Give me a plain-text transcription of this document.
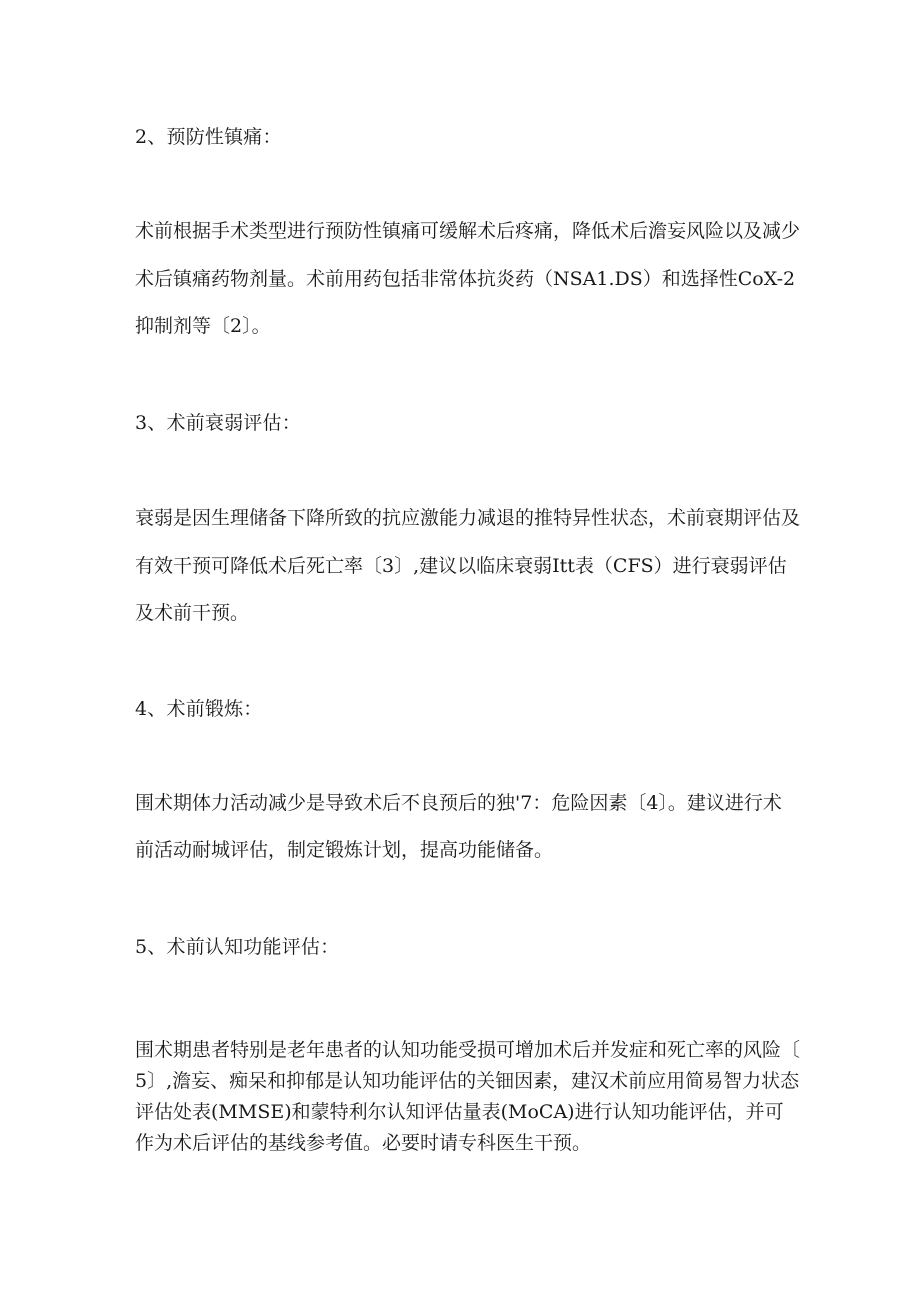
2、预防性镇痛：

术前根据手术类型进行预防性镇痛可缓解术后疼痛，降低术后澹妄风险以及减少

术后镇痛药物剂量。术前用药包括非常体抗炎药（NSA1.DS）和选择性CoX-2

抑制剂等〔2〕。

3、术前衰弱评估：

衰弱是因生理储备下降所致的抗应激能力减退的推特异性状态，术前衰期评估及

有效干预可降低术后死亡率〔3〕,建议以临床衰弱Itt表（CFS）进行衰弱评估

及术前干预。

4、术前锻炼：

围术期体力活动减少是导致术后不良预后的独'7：危险因素〔4〕。建议进行术

前活动耐城评估，制定锻炼计划，提高功能储备。

5、术前认知功能评估：

围术期患者特别是老年患者的认知功能受损可增加术后并发症和死亡率的风险〔

5〕,澹妄、痴呆和抑郁是认知功能评估的关钿因素，建汉术前应用简易智力状态

评估处表(MMSE)和蒙特利尔认知评估量表(MoCA)进行认知功能评估，并可

作为术后评估的基线参考值。必要时请专科医生干预。
